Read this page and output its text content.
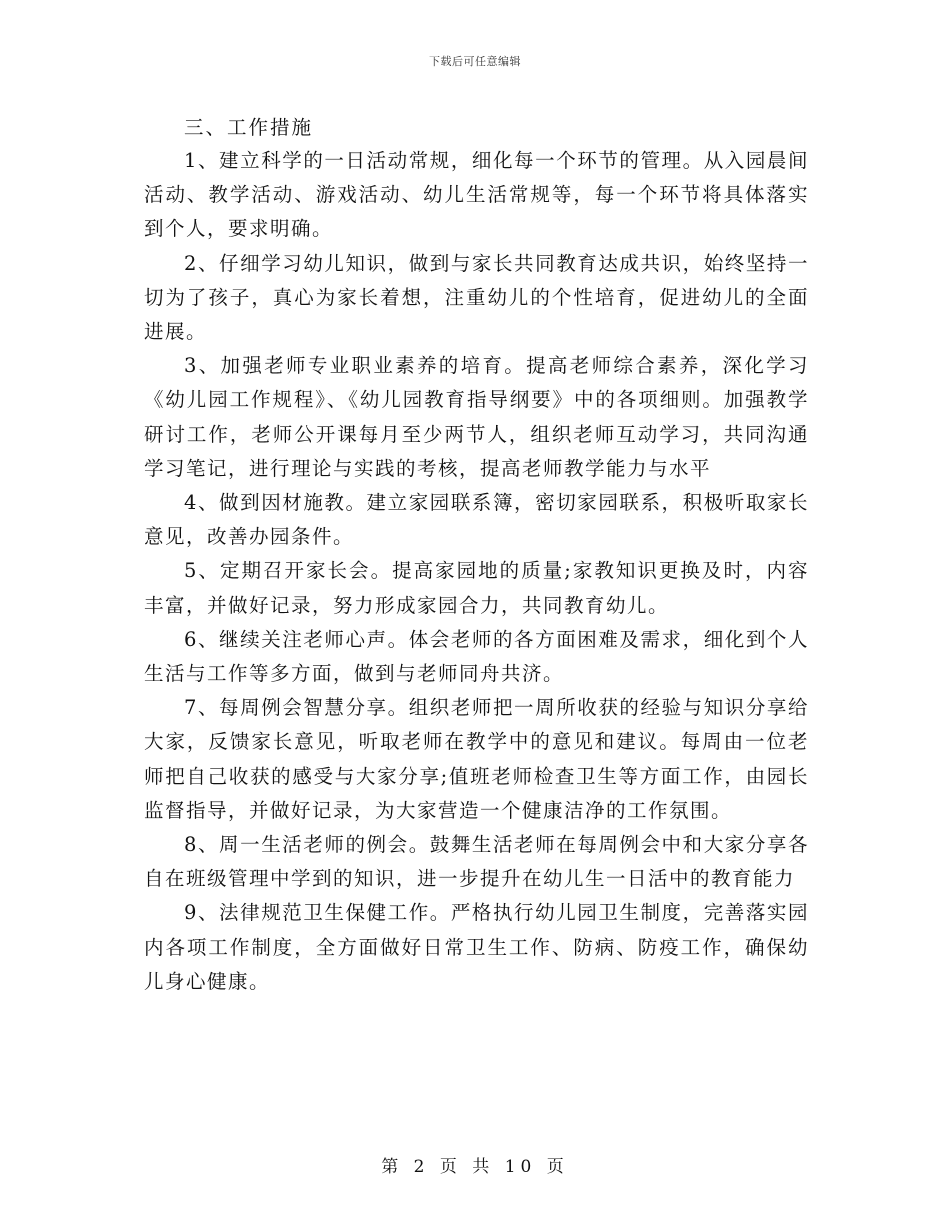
下载后可任意编辑

三、工作措施

1、建立科学的一日活动常规，细化每一个环节的管理。从入园晨间活动、教学活动、游戏活动、幼儿生活常规等，每一个环节将具体落实到个人，要求明确。

2、仔细学习幼儿知识，做到与家长共同教育达成共识，始终坚持一切为了孩子，真心为家长着想，注重幼儿的个性培育，促进幼儿的全面进展。

3、加强老师专业职业素养的培育。提高老师综合素养，深化学习《幼儿园工作规程》、《幼儿园教育指导纲要》中的各项细则。加强教学研讨工作，老师公开课每月至少两节人，组织老师互动学习，共同沟通学习笔记，进行理论与实践的考核，提高老师教学能力与水平

4、做到因材施教。建立家园联系簿，密切家园联系，积极听取家长意见，改善办园条件。

5、定期召开家长会。提高家园地的质量;家教知识更换及时，内容丰富，并做好记录，努力形成家园合力，共同教育幼儿。

6、继续关注老师心声。体会老师的各方面困难及需求，细化到个人生活与工作等多方面，做到与老师同舟共济。

7、每周例会智慧分享。组织老师把一周所收获的经验与知识分享给大家，反馈家长意见，听取老师在教学中的意见和建议。每周由一位老师把自己收获的感受与大家分享;值班老师检查卫生等方面工作，由园长监督指导，并做好记录，为大家营造一个健康洁净的工作氛围。

8、周一生活老师的例会。鼓舞生活老师在每周例会中和大家分享各自在班级管理中学到的知识，进一步提升在幼儿生一日活中的教育能力

9、法律规范卫生保健工作。严格执行幼儿园卫生制度，完善落实园内各项工作制度，全方面做好日常卫生工作、防病、防疫工作，确保幼儿身心健康。

第 2 页 共 10 页
